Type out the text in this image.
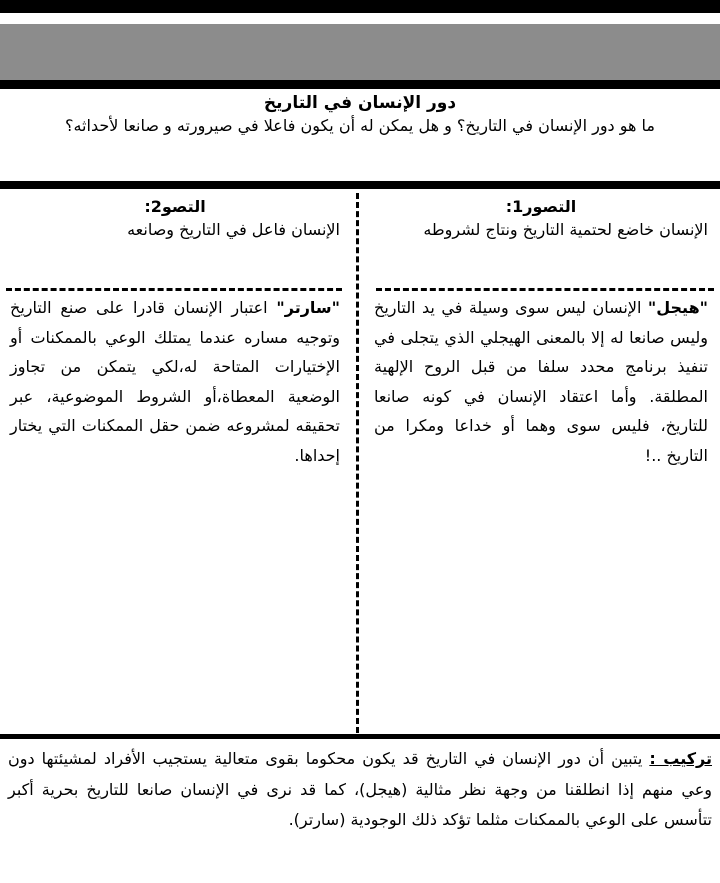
دور الإنسان في التاريخ
ما هو دور الإنسان في التاريخ؟ و هل يمكن له أن يكون فاعلا في صيرورته و صانعا لأحداثه؟
التصور1:
الإنسان خاضع لحتمية التاريخ ونتاج لشروطه
التصو2:
الإنسان فاعل في التاريخ وصانعه
"هيجل" الإنسان ليس سوى وسيلة في يد التاريخ وليس صانعا له إلا بالمعنى الهيجلي الذي يتجلى في تنفيذ برنامج محدد سلفا من قبل الروح الإلهية المطلقة. وأما اعتقاد الإنسان في كونه صانعا للتاريخ، فليس سوى وهما أو خداعا ومكرا من التاريخ ..!
"سارتر" اعتبار الإنسان قادرا على صنع التاريخ وتوجيه مساره عندما يمتلك الوعي بالممكنات أو الإختيارات المتاحة له،لكي يتمكن من تجاوز الوضعية المعطاة،أو الشروط الموضوعية، عبر تحقيقه لمشروعه ضمن حقل الممكنات التي يختار إحداها.
تركيب : يتبين أن دور الإنسان في التاريخ قد يكون محكوما بقوى متعالية يستجيب الأفراد لمشيئتها دون وعي منهم إذا انطلقنا من وجهة نظر مثالية (هيجل)، كما قد نرى في الإنسان صانعا للتاريخ بحرية أكبر تتأسس على الوعي بالممكنات مثلما تؤكد ذلك الوجودية (سارتر).
